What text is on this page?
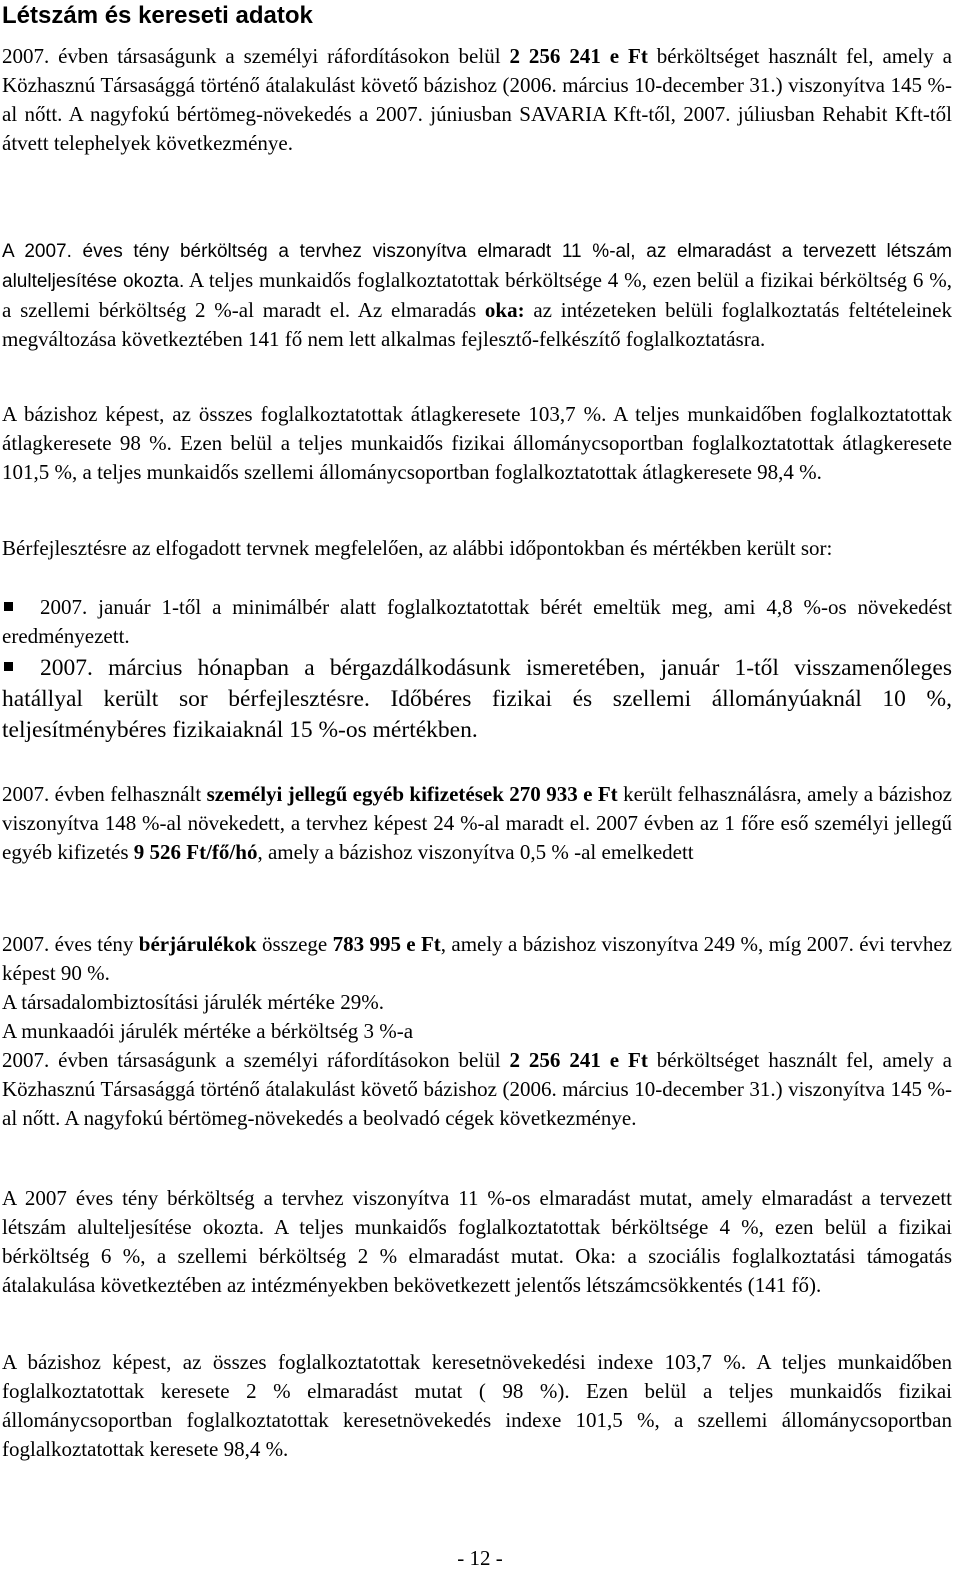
Létszám és kereseti adatok

2007. évben társaságunk a személyi ráfordításokon belül 2 256 241 e Ft bérköltséget használt fel, amely a Közhasznú Társasággá történő átalakulást követő bázishoz (2006. március 10-december 31.) viszonyítva 145 %-al nőtt. A nagyfokú bértömeg-növekedés a 2007. júniusban SAVARIA Kft-től, 2007. júliusban Rehabit Kft-től átvett telephelyek következménye.

A 2007. éves tény bérköltség a tervhez viszonyítva elmaradt 11 %-al, az elmaradást a tervezett létszám alulteljesítése okozta. A teljes munkaidős foglalkoztatottak bérköltsége 4 %, ezen belül a fizikai bérköltség 6 %, a szellemi bérköltség 2 %-al maradt el. Az elmaradás oka: az intézeteken belüli foglalkoztatás feltételeinek megváltozása következtében 141 fő nem lett alkalmas fejlesztő-felkészítő foglalkoztatásra.

A bázishoz képest, az összes foglalkoztatottak átlagkeresete 103,7 %. A teljes munkaidőben foglalkoztatottak átlagkeresete 98 %. Ezen belül a teljes munkaidős fizikai állománycsoportban foglalkoztatottak átlagkeresete 101,5 %, a teljes munkaidős szellemi állománycsoportban foglalkoztatottak átlagkeresete 98,4 %.

Bérfejlesztésre az elfogadott tervnek megfelelően, az alábbi időpontokban és mértékben került sor:

2007. január 1-től a minimálbér alatt foglalkoztatottak bérét emeltük meg, ami 4,8 %-os növekedést eredményezett.

2007. március hónapban a bérgazdálkodásunk ismeretében, január 1-től visszamenőleges hatállyal került sor bérfejlesztésre. Időbéres fizikai és szellemi állományúaknál 10 %, teljesítménybéres fizikaiaknál 15 %-os mértékben.

2007. évben felhasznált személyi jellegű egyéb kifizetések 270 933 e Ft került felhasználásra, amely a bázishoz viszonyítva 148 %-al növekedett, a tervhez képest 24 %-al maradt el. 2007 évben az 1 főre eső személyi jellegű egyéb kifizetés 9 526 Ft/fő/hó, amely a bázishoz viszonyítva 0,5 % -al emelkedett

2007. éves tény bérjárulékok összege 783 995 e Ft, amely a bázishoz viszonyítva 249 %, míg 2007. évi tervhez képest 90 %.

A társadalombiztosítási járulék mértéke 29%.

A munkaadói járulék mértéke a bérköltség 3 %-a

2007. évben társaságunk a személyi ráfordításokon belül 2 256 241 e Ft bérköltséget használt fel, amely a Közhasznú Társasággá történő átalakulást követő bázishoz (2006. március 10-december 31.) viszonyítva 145 %-al nőtt. A nagyfokú bértömeg-növekedés a beolvadó cégek következménye.

A 2007 éves tény bérköltség a tervhez viszonyítva 11 %-os elmaradást mutat, amely elmaradást a tervezett létszám alulteljesítése okozta. A teljes munkaidős foglalkoztatottak bérköltsége 4 %, ezen belül a fizikai bérköltség 6 %, a szellemi bérköltség 2 % elmaradást mutat. Oka: a szociális foglalkoztatási támogatás átalakulása következtében az intézményekben bekövetkezett jelentős létszámcsökkentés (141 fő).

A bázishoz képest, az összes foglalkoztatottak keresetnövekedési indexe 103,7 %. A teljes munkaidőben foglalkoztatottak keresete 2 % elmaradást mutat ( 98 %). Ezen belül a teljes munkaidős fizikai állománycsoportban foglalkoztatottak keresetnövekedés indexe 101,5 %, a szellemi állománycsoportban foglalkoztatottak keresete 98,4 %.

- 12 -
